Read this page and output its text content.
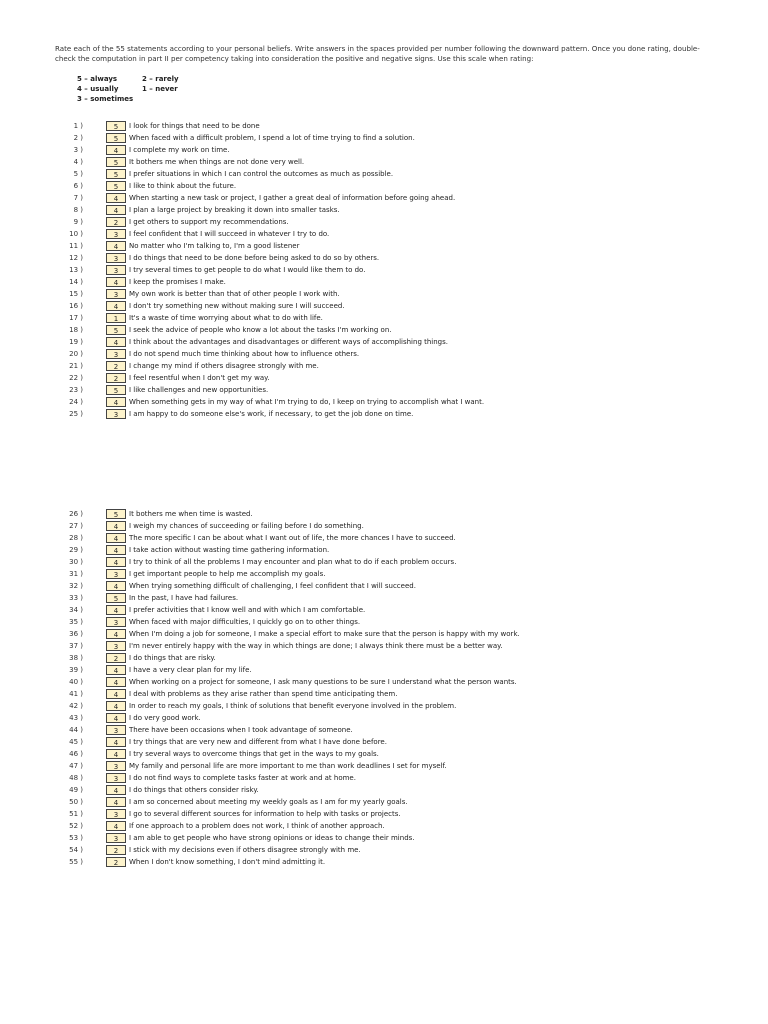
Rate each of the 55 statements according to your personal beliefs. Write answers in the spaces provided per number following the downward pattern. Once you done rating, double-check the computation in part II per competency taking into consideration the positive and negative signs. Use this scale when rating:
5 – always	2 – rarely
4 – usually	1 – never
3 – sometimes
1 )	5	I look for things that need to be done
2 )	5	When faced with a difficult problem, I spend a lot of time trying to find a solution.
3 )	4	I complete my work on time.
4 )	5	It bothers me when things are not done very well.
5 )	5	I prefer situations in which I can control the outcomes as much as possible.
6 )	5	I like to think about the future.
7 )	4	When starting a new task or project, I gather a great deal of information before going ahead.
8 )	4	I plan a large project by breaking it down into smaller tasks.
9 )	2	I get others to support my recommendations.
10 )	3	I feel confident that I will succeed in whatever I try to do.
11 )	4	No matter who I'm talking to, I'm a good listener
12 )	3	I do things that need to be done before being asked to do so by others.
13 )	3	I try several times to get people to do what I would like them to do.
14 )	4	I keep the promises I make.
15 )	3	My own work is better than that of other people I work with.
16 )	4	I don't try something new without making sure I will succeed.
17 )	1	It's a waste of time worrying about what to do with life.
18 )	5	I seek the advice of people who know a lot about the tasks I'm working on.
19 )	4	I think about the advantages and disadvantages or different ways of accomplishing things.
20 )	3	I do not spend much time thinking about how to influence others.
21 )	2	I change my mind if others disagree strongly with me.
22 )	2	I feel resentful when I don't get my way.
23 )	5	I like challenges and new opportunities.
24 )	4	When something gets in my way of what I'm trying to do, I keep on trying to accomplish what I want.
25 )	3	I am happy to do someone else's work, if necessary, to get the job done on time.
26 )	5	It bothers me when time is wasted.
27 )	4	I weigh my chances of succeeding or failing before I do something.
28 )	4	The more specific I can be about what I want out of life, the more chances I have to succeed.
29 )	4	I take action without wasting time gathering information.
30 )	4	I try to think of all the problems I may encounter and plan what to do if each problem occurs.
31 )	3	I get important people to help me accomplish my goals.
32 )	4	When trying something difficult of challenging, I feel confident that I will succeed.
33 )	5	In the past, I have had failures.
34 )	4	I prefer activities that I know well and with which I am comfortable.
35 )	3	When faced with major difficulties, I quickly go on to other things.
36 )	4	When I'm doing a job for someone, I make a special effort to make sure that the person is happy with my work.
37 )	3	I'm never entirely happy with the way in which things are done; I always think there must be a better way.
38 )	2	I do things that are risky.
39 )	4	I have a very clear plan for my life.
40 )	4	When working on a project for someone, I ask many questions to be sure I understand what the person wants.
41 )	4	I deal with problems as they arise rather than spend time anticipating them.
42 )	4	In order to reach my goals, I think of solutions that benefit everyone involved in the problem.
43 )	4	I do very good work.
44 )	3	There have been occasions when I took advantage of someone.
45 )	4	I try things that are very new and different from what I have done before.
46 )	4	I try several ways to overcome things that get in the ways to my goals.
47 )	3	My family and personal life are more important to me than work deadlines I set for myself.
48 )	3	I do not find ways to complete tasks faster at work and at home.
49 )	4	I do things that others consider risky.
50 )	4	I am so concerned about meeting my weekly goals as I am for my yearly goals.
51 )	3	I go to several different sources for information to help with tasks or projects.
52 )	4	If one approach to a problem does not work, I think of another approach.
53 )	3	I am able to get people who have strong opinions or ideas to change their minds.
54 )	2	I stick with my decisions even if others disagree strongly with me.
55 )	2	When I don't know something, I don't mind admitting it.
